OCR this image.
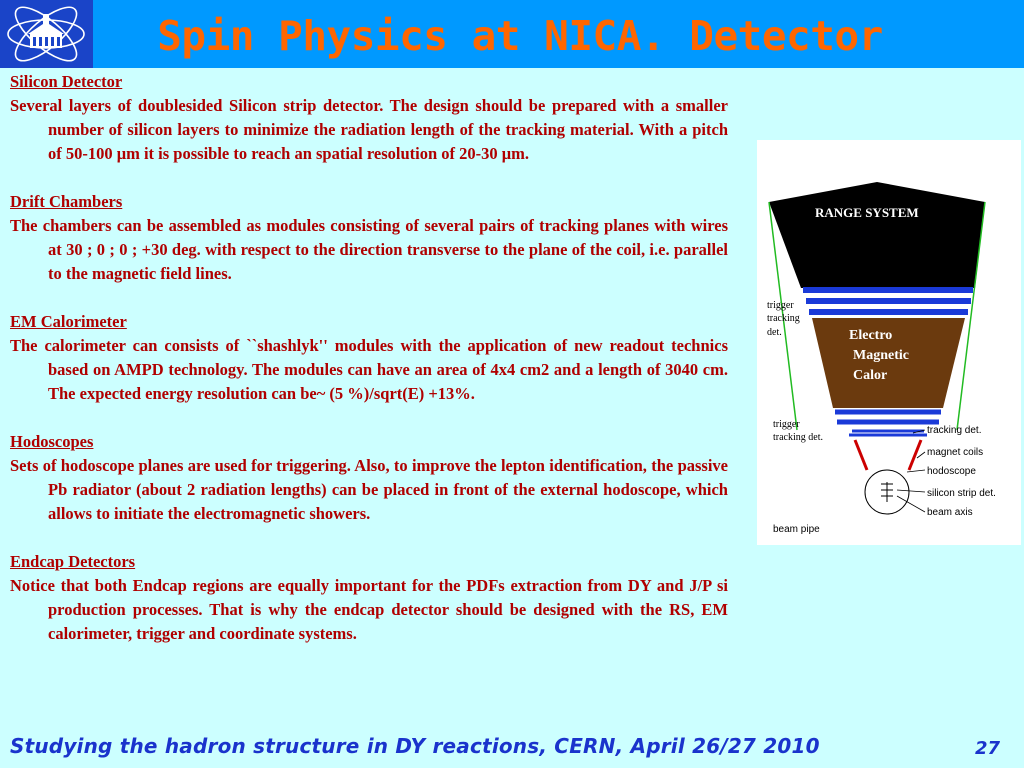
Spin Physics at NICA. Detector
Silicon Detector
Several layers of doublesided Silicon strip detector. The design should be prepared with a smaller number of silicon layers to minimize the radiation length of the tracking material. With a pitch of 50-100 μm it is possible to reach an spatial resolution of 20-30 μm.
Drift Chambers
The chambers can be assembled as modules consisting of several pairs of tracking planes with wires at 30 ; 0 ; 0 ; +30 deg. with respect to the direction transverse to the plane of the coil, i.e. parallel to the magnetic field lines.
EM Calorimeter
The calorimeter can consists of ``shashlyk'' modules with the application of new readout technics based on AMPD technology. The modules can have an area of 4x4 cm2 and a length of 3040 cm. The expected energy resolution can be~ (5 %)/sqrt(E) +13%.
Hodoscopes
Sets of hodoscope planes are used for triggering. Also, to improve the lepton identification, the passive Pb radiator (about 2 radiation lengths) can be placed in front of the external hodoscope, which allows to initiate the electromagnetic showers.
Endcap Detectors
Notice that both Endcap regions are equally important for the PDFs extraction from DY and J/P si production processes. That is why the endcap detector should be designed with the RS, EM calorimeter, trigger and coordinate systems.
RANGE SYSTEM
Electro
Magnetic
Calor
trigger
tracking
det.
trigger
tracking det.
tracking det.
magnet coils
hodoscope
silicon strip det.
beam axis
beam pipe
Studying the hadron structure in DY reactions, CERN, April 26/27 2010	27
